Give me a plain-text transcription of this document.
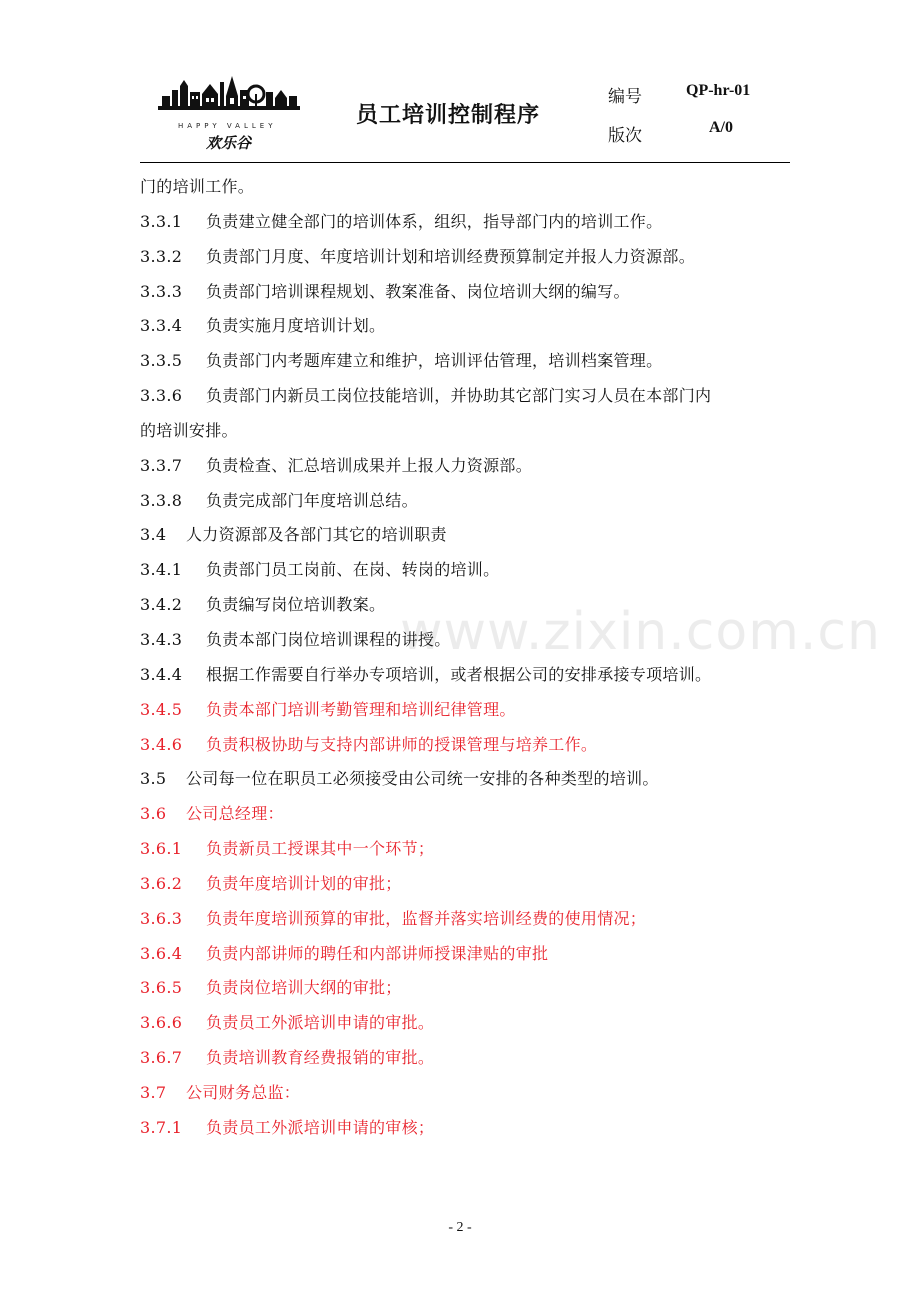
HAPPY VALLEY
欢乐谷
员工培训控制程序
编号	QP-hr-01
版次	A/0
www.zixin.com.cn
门的培训工作。
3.3.1 负责建立健全部门的培训体系，组织，指导部门内的培训工作。
3.3.2 负责部门月度、年度培训计划和培训经费预算制定并报人力资源部。
3.3.3 负责部门培训课程规划、教案准备、岗位培训大纲的编写。
3.3.4 负责实施月度培训计划。
3.3.5 负责部门内考题库建立和维护，培训评估管理，培训档案管理。
3.3.6 负责部门内新员工岗位技能培训，并协助其它部门实习人员在本部门内
的培训安排。
3.3.7 负责检查、汇总培训成果并上报人力资源部。
3.3.8 负责完成部门年度培训总结。
3.4 人力资源部及各部门其它的培训职责
3.4.1 负责部门员工岗前、在岗、转岗的培训。
3.4.2 负责编写岗位培训教案。
3.4.3 负责本部门岗位培训课程的讲授。
3.4.4 根据工作需要自行举办专项培训，或者根据公司的安排承接专项培训。
3.4.5 负责本部门培训考勤管理和培训纪律管理。
3.4.6 负责积极协助与支持内部讲师的授课管理与培养工作。
3.5 公司每一位在职员工必须接受由公司统一安排的各种类型的培训。
3.6 公司总经理：
3.6.1 负责新员工授课其中一个环节；
3.6.2 负责年度培训计划的审批；
3.6.3 负责年度培训预算的审批，监督并落实培训经费的使用情况；
3.6.4 负责内部讲师的聘任和内部讲师授课津贴的审批
3.6.5 负责岗位培训大纲的审批；
3.6.6 负责员工外派培训申请的审批。
3.6.7 负责培训教育经费报销的审批。
3.7 公司财务总监：
3.7.1 负责员工外派培训申请的审核；
- 2 -
